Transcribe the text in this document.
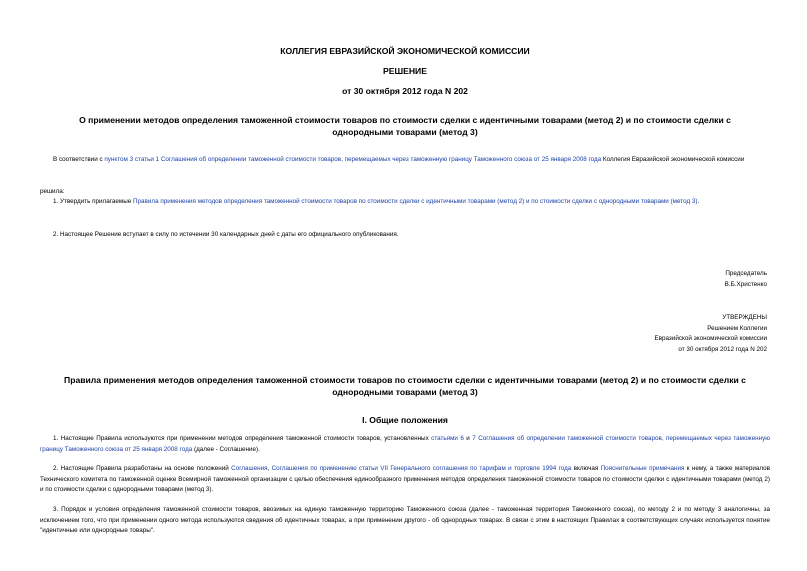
КОЛЛЕГИЯ ЕВРАЗИЙСКОЙ ЭКОНОМИЧЕСКОЙ КОМИССИИ
РЕШЕНИЕ
от 30 октября 2012 года N 202
О применении методов определения таможенной стоимости товаров по стоимости сделки с идентичными товарами (метод 2) и по стоимости сделки с однородными товарами (метод 3)
В соответствии с пунктом 3 статьи 1 Соглашения об определении таможенной стоимости товаров, перемещаемых через таможенную границу Таможенного союза от 25 января 2008 года Коллегия Евразийской экономической комиссии
решила:
1. Утвердить прилагаемые Правила применения методов определения таможенной стоимости товаров по стоимости сделки с идентичными товарами (метод 2) и по стоимости сделки с однородными товарами (метод 3).
2. Настоящее Решение вступает в силу по истечении 30 календарных дней с даты его официального опубликования.
Председатель
В.Б.Христенко
УТВЕРЖДЕНЫ
Решением Коллегии
Евразийской экономической комиссии
от 30 октября 2012 года N 202
Правила применения методов определения таможенной стоимости товаров по стоимости сделки с идентичными товарами (метод 2) и по стоимости сделки с однородными товарами (метод 3)
I. Общие положения
1. Настоящие Правила используются при применении методов определения таможенной стоимости товаров, установленных статьями 6 и 7 Соглашения об определении таможенной стоимости товаров, перемещаемых через таможенную границу Таможенного союза от 25 января 2008 года (далее - Соглашение).
2. Настоящие Правила разработаны на основе положений Соглашения, Соглашения по применению статьи VII Генерального соглашения по тарифам и торговле 1994 года включая Пояснительные примечания к нему, а также материалов Технического комитета по таможенной оценке Всемирной таможенной организации с целью обеспечения единообразного применения методов определения таможенной стоимости товаров по стоимости сделки с идентичными товарами (метод 2) и по стоимости сделки с однородными товарами (метод 3).
3. Порядок и условия определения таможенной стоимости товаров, ввозимых на единую таможенную территорию Таможенного союза (далее - таможенная территория Таможенного союза), по методу 2 и по методу 3 аналогичны, за исключением того, что при применении одного метода используются сведения об идентичных товарах, а при применении другого - об однородных товарах. В связи с этим в настоящих Правилах в соответствующих случаях используется понятие "идентичные или однородные товары".
